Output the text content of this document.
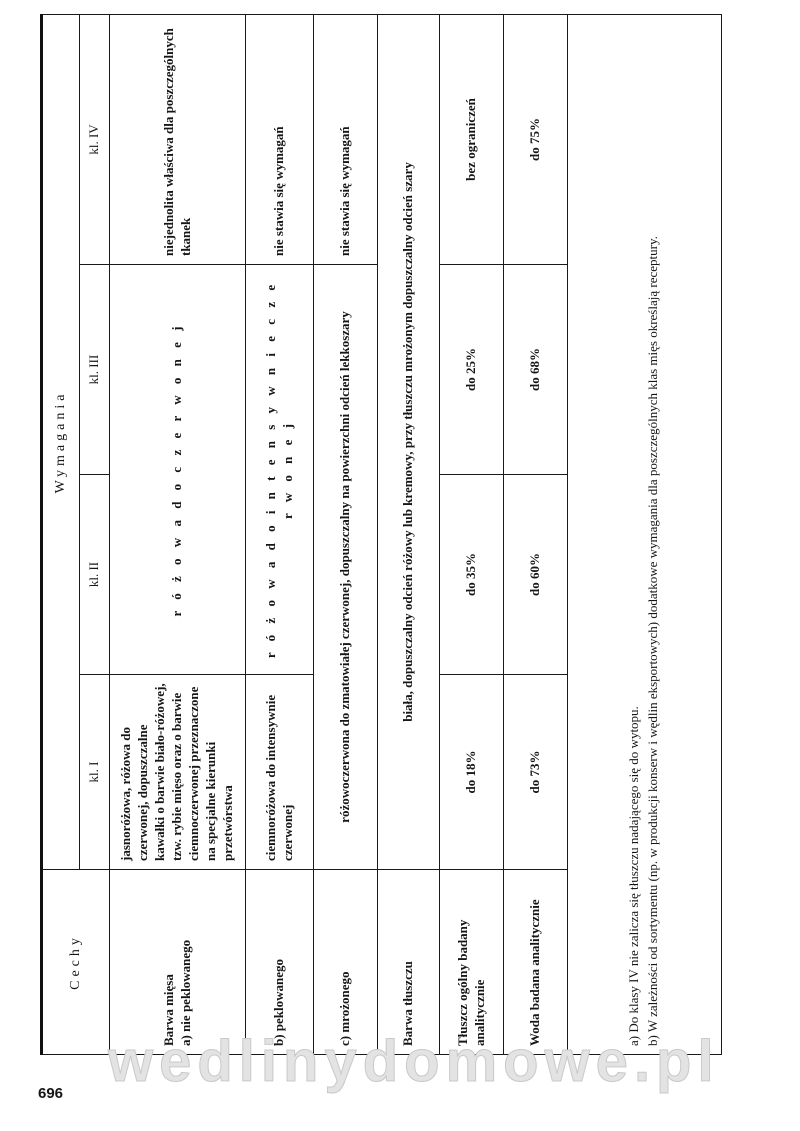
Cechy	Wymagania			
	kl. I	kl. II	kl. III	kl. IV

Barwa mięsa a) nie peklowanego	jasnoróżowa, różowa do czerwonej, dopuszczalne kawałki o barwie biało-różowej, tzw. rybie mięso oraz o barwie ciemnoczerwonej przeznaczone na specjalne kierunki przetwórstwa	r ó ż o w a d o c z e r w o n e j		niejednolita właściwa dla poszczególnych tkanek
b) peklowanego	ciemnoróżowa do intensywnie czerwonej	r ó ż o w a d o i n t e n s y w n i e c z e r w o n e j		nie stawia się wymagań
c) mrożonego	różowoczerwona do zmatowiałej czerwonej, dopuszczalny na powierzchni odcień lekkoszary			nie stawia się wymagań
Barwa tłuszczu	biała, dopuszczalny odcień różowy lub kremowy, przy tłuszczu mrożonym dopuszczalny odcień szary			
Tłuszcz ogólny badany analitycznie	do 18%	do 35%	do 25%	bez ograniczeń
Woda badana analitycznie	do 73%	do 60%	do 68%	do 75%

a) Do klasy IV nie zalicza się tłuszczu nadającego się do wytopu. b) W zależności od sortymentu (np. w produkcji konserw i wędlin eksportowych) dodatkowe wymagania dla poszczególnych klas mięs określają receptury.				

wedlinydomowe.pl
696
